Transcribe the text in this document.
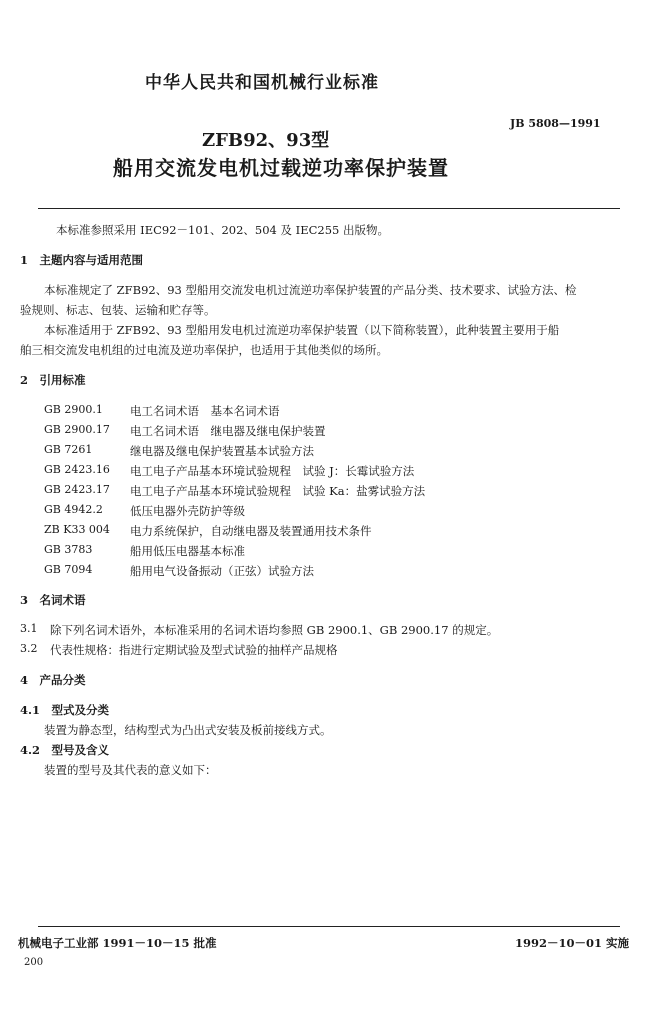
中华人民共和国机械行业标准
JB 5808—1991
ZFB92、93型
船用交流发电机过载逆功率保护装置
本标准参照采用 IEC92－101、202、504 及 IEC255 出版物。
1　主题内容与适用范围
本标准规定了 ZFB92、93 型船用交流发电机过流逆功率保护装置的产品分类、技术要求、试验方法、检
验规则、标志、包装、运输和贮存等。
本标准适用于 ZFB92、93 型船用发电机过流逆功率保护装置（以下简称装置），此种装置主要用于船
舶三相交流发电机组的过电流及逆功率保护，也适用于其他类似的场所。
2　引用标准
GB 2900.1 电工名词术语　基本名词术语
GB 2900.17 电工名词术语　继电器及继电保护装置
GB 7261	继电器及继电保护装置基本试验方法
GB 2423.16 电工电子产品基本环境试验规程　试验 J：长霉试验方法
GB 2423.17 电工电子产品基本环境试验规程　试验 Ka：盐雾试验方法
GB 4942.2 低压电器外壳防护等级
ZB K33 004 电力系统保护，自动继电器及装置通用技术条件
GB 3783	船用低压电器基本标准
GB 7094	船用电气设备振动（正弦）试验方法
3　名词术语
3.1 除下列名词术语外，本标准采用的名词术语均参照 GB 2900.1、GB 2900.17 的规定。
3.2 代表性规格：指进行定期试验及型式试验的抽样产品规格
4　产品分类
4.1　型式及分类
装置为静态型，结构型式为凸出式安装及板前接线方式。
4.2　型号及含义
装置的型号及其代表的意义如下：
机械电子工业部 1991－10－15 批准	1992－10－01 实施
200
